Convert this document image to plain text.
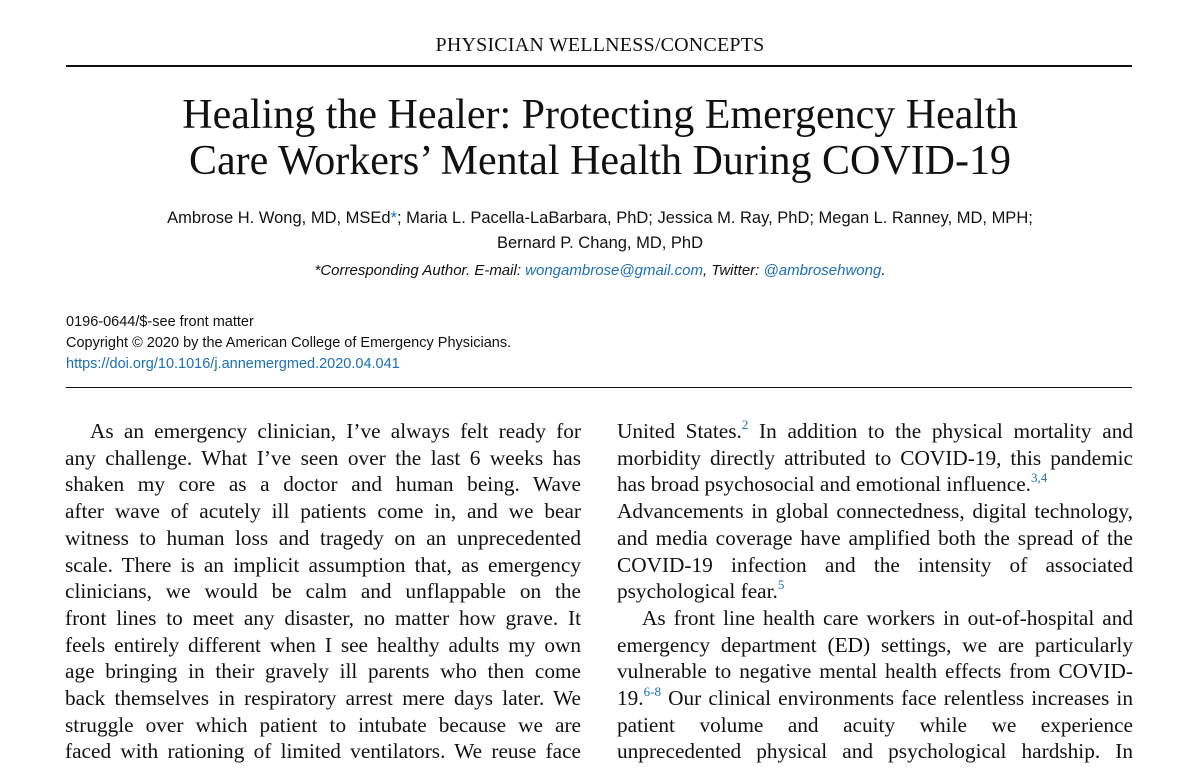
PHYSICIAN WELLNESS/CONCEPTS
Healing the Healer: Protecting Emergency Health
Care Workers’ Mental Health During COVID-19
Ambrose H. Wong, MD, MSEd*; Maria L. Pacella-LaBarbara, PhD; Jessica M. Ray, PhD; Megan L. Ranney, MD, MPH;
Bernard P. Chang, MD, PhD
*Corresponding Author. E-mail: wongambrose@gmail.com, Twitter: @ambrosehwong.
0196-0644/$-see front matter
Copyright © 2020 by the American College of Emergency Physicians.
https://doi.org/10.1016/j.annemergmed.2020.04.041
As an emergency clinician, I’ve always felt ready for
any challenge. What I’ve seen over the last 6 weeks has
shaken my core as a doctor and human being. Wave
after wave of acutely ill patients come in, and we bear
witness to human loss and tragedy on an unprecedented
scale. There is an implicit assumption that, as emergency
clinicians, we would be calm and unflappable on the
front lines to meet any disaster, no matter how grave. It
feels entirely different when I see healthy adults my own
age bringing in their gravely ill parents who then come
back themselves in respiratory arrest mere days later. We
struggle over which patient to intubate because we are
faced with rationing of limited ventilators. We reuse face
United States.$^2$ In addition to the physical mortality and
morbidity directly attributed to COVID-19, this pandemic
has broad psychosocial and emotional influence.$^{3,4}$
Advancements in global connectedness, digital technology,
and media coverage have amplified both the spread of the
COVID-19 infection and the intensity of associated
psychological fear.$^5$
As front line health care workers in out-of-hospital and
emergency department (ED) settings, we are particularly
vulnerable to negative mental health effects from COVID-
19.$^{6-8}$ Our clinical environments face relentless increases in
patient volume and acuity while we experience
unprecedented physical and psychological hardship. In
